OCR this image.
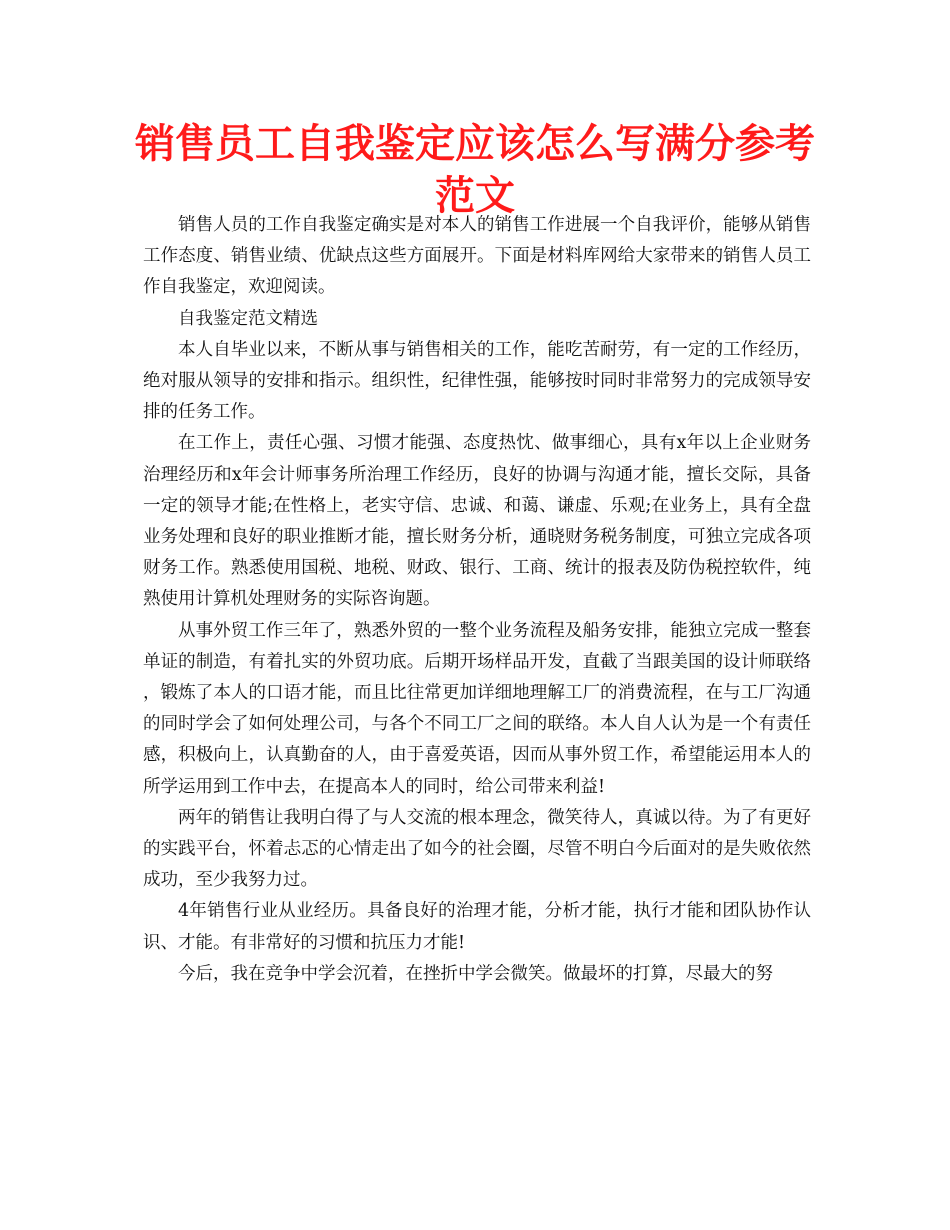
销售员工自我鉴定应该怎么写满分参考范文

销售人员的工作自我鉴定确实是对本人的销售工作进展一个自我评价，能够从销售工作态度、销售业绩、优缺点这些方面展开。下面是材料库网给大家带来的销售人员工作自我鉴定，欢迎阅读。

自我鉴定范文精选

本人自毕业以来，不断从事与销售相关的工作，能吃苦耐劳，有一定的工作经历，绝对服从领导的安排和指示。组织性，纪律性强，能够按时同时非常努力的完成领导安排的任务工作。

在工作上，责任心强、习惯才能强、态度热忱、做事细心，具有x年以上企业财务治理经历和x年会计师事务所治理工作经历，良好的协调与沟通才能，擅长交际，具备一定的领导才能;在性格上，老实守信、忠诚、和蔼、谦虚、乐观;在业务上，具有全盘业务处理和良好的职业推断才能，擅长财务分析，通晓财务税务制度，可独立完成各项财务工作。熟悉使用国税、地税、财政、银行、工商、统计的报表及防伪税控软件，纯熟使用计算机处理财务的实际咨询题。

从事外贸工作三年了，熟悉外贸的一整个业务流程及船务安排，能独立完成一整套单证的制造，有着扎实的外贸功底。后期开场样品开发，直截了当跟美国的设计师联络，锻炼了本人的口语才能，而且比往常更加详细地理解工厂的消费流程，在与工厂沟通的同时学会了如何处理公司，与各个不同工厂之间的联络。本人自人认为是一个有责任感，积极向上，认真勤奋的人，由于喜爱英语，因而从事外贸工作，希望能运用本人的所学运用到工作中去，在提高本人的同时，给公司带来利益!

两年的销售让我明白得了与人交流的根本理念，微笑待人，真诚以待。为了有更好的实践平台，怀着忐忑的心情走出了如今的社会圈，尽管不明白今后面对的是失败依然成功，至少我努力过。

4年销售行业从业经历。具备良好的治理才能，分析才能，执行才能和团队协作认识、才能。有非常好的习惯和抗压力才能!

今后，我在竞争中学会沉着，在挫折中学会微笑。做最坏的打算，尽最大的努
